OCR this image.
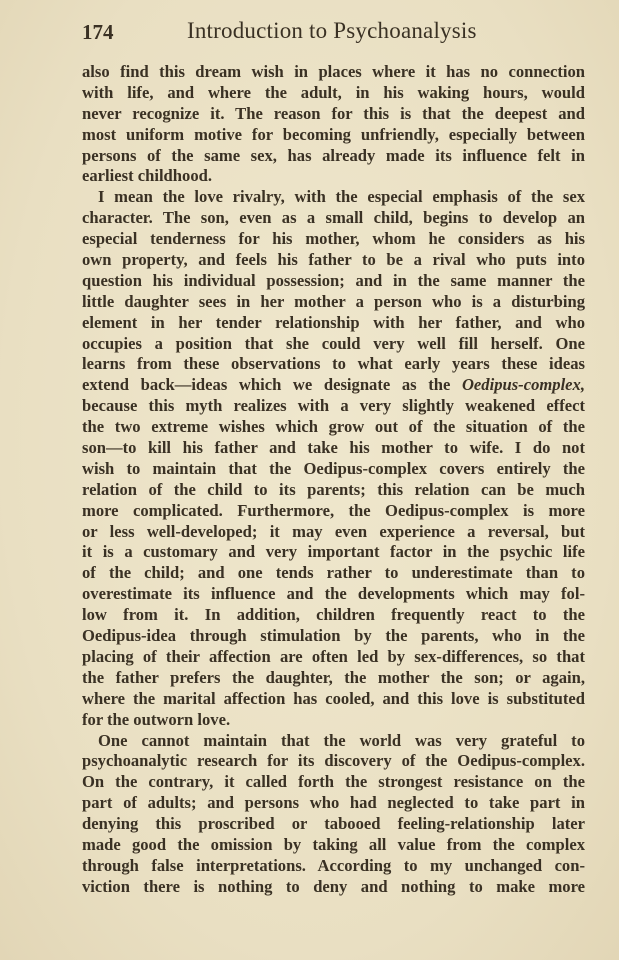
174	Introduction to Psychoanalysis
also find this dream wish in places where it has no connection
with life, and where the adult, in his waking hours, would
never recognize it. The reason for this is that the deepest and
most uniform motive for becoming unfriendly, especially between
persons of the same sex, has already made its influence felt in
earliest childhood.
I mean the love rivalry, with the especial emphasis of the sex
character. The son, even as a small child, begins to develop an
especial tenderness for his mother, whom he considers as his
own property, and feels his father to be a rival who puts into
question his individual possession; and in the same manner the
little daughter sees in her mother a person who is a disturbing
element in her tender relationship with her father, and who
occupies a position that she could very well fill herself. One
learns from these observations to what early years these ideas
extend back—ideas which we designate as the Oedipus-complex,
because this myth realizes with a very slightly weakened effect
the two extreme wishes which grow out of the situation of the
son—to kill his father and take his mother to wife. I do not
wish to maintain that the Oedipus-complex covers entirely the
relation of the child to its parents; this relation can be much
more complicated. Furthermore, the Oedipus-complex is more
or less well-developed; it may even experience a reversal, but
it is a customary and very important factor in the psychic life
of the child; and one tends rather to underestimate than to
overestimate its influence and the developments which may fol-
low from it. In addition, children frequently react to the
Oedipus-idea through stimulation by the parents, who in the
placing of their affection are often led by sex-differences, so that
the father prefers the daughter, the mother the son; or again,
where the marital affection has cooled, and this love is substituted
for the outworn love.
One cannot maintain that the world was very grateful to
psychoanalytic research for its discovery of the Oedipus-complex.
On the contrary, it called forth the strongest resistance on the
part of adults; and persons who had neglected to take part in
denying this proscribed or tabooed feeling-relationship later
made good the omission by taking all value from the complex
through false interpretations. According to my unchanged con-
viction there is nothing to deny and nothing to make more
